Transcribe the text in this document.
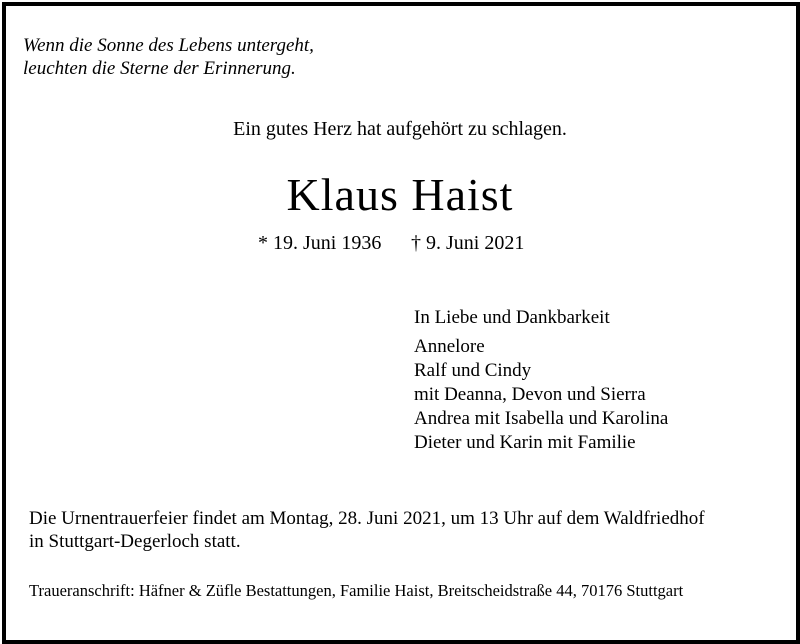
Wenn die Sonne des Lebens untergeht,
leuchten die Sterne der Erinnerung.
Ein gutes Herz hat aufgehört zu schlagen.
Klaus Haist
* 19. Juni 1936 † 9. Juni 2021
In Liebe und Dankbarkeit
Annelore
Ralf und Cindy
mit Deanna, Devon und Sierra
Andrea mit Isabella und Karolina
Dieter und Karin mit Familie
Die Urnentrauerfeier findet am Montag, 28. Juni 2021, um 13 Uhr auf dem Waldfriedhof
in Stuttgart-Degerloch statt.
Traueranschrift: Häfner & Züfle Bestattungen, Familie Haist, Breitscheidstraße 44, 70176 Stuttgart
